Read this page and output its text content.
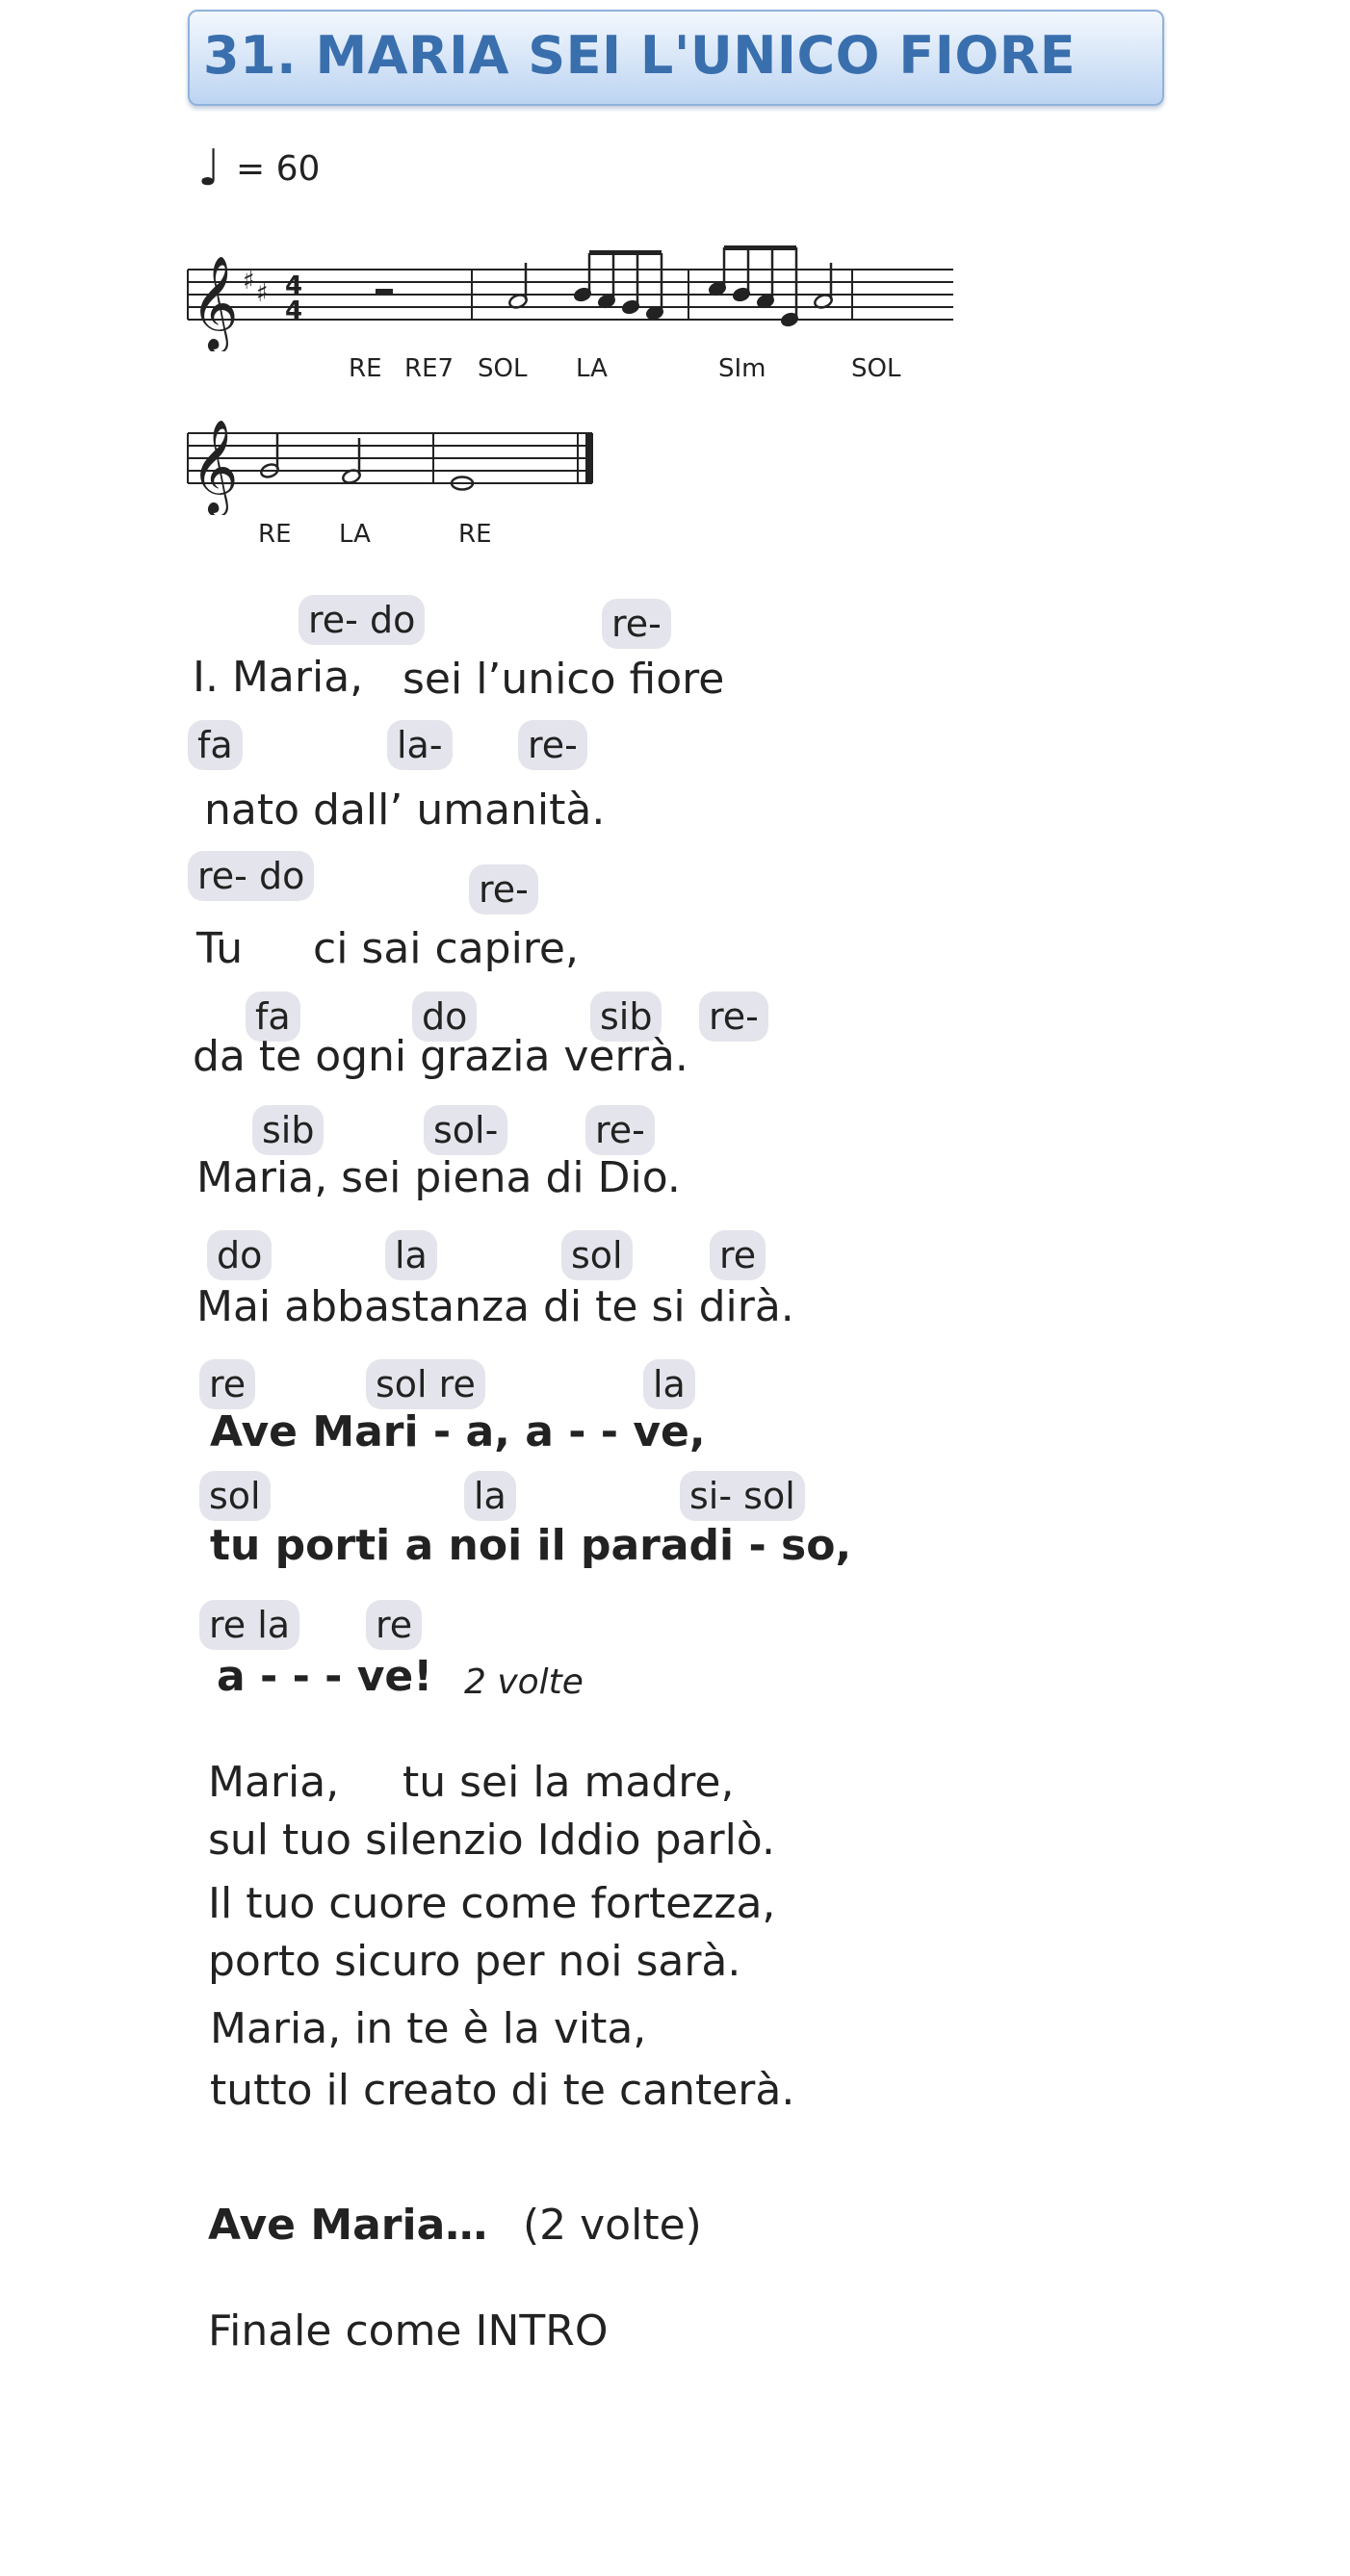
31. MARIA SEI L'UNICO FIORE
♩ = 60
𝄞 ♯ ♯ 4
4
RE RE7 SOL LA	SIm	SOL
𝄞
RE LA	RE
re- do	re-
I. Maria, sei l’unico fiore
fa	la- re-
nato dall’ umanità.
re- do	re-
Tu ci sai capire,
fa	do	sib re-
da te ogni grazia verrà.
sib	sol-	re-
Maria, sei piena di Dio.
do	la	sol	re
Mai abbastanza di te si dirà.
re	sol re	la
Ave Mari - a, a - - ve,
sol	la	si- sol
tu porti a noi il paradi - so,
re la re
a - - - ve! 2 volte
Maria, tu sei la madre,
sul tuo silenzio Iddio parlò.
Il tuo cuore come fortezza,
porto sicuro per noi sarà.
Maria, in te è la vita,
tutto il creato di te canterà.
Ave Maria… (2 volte)
Finale come INTRO
